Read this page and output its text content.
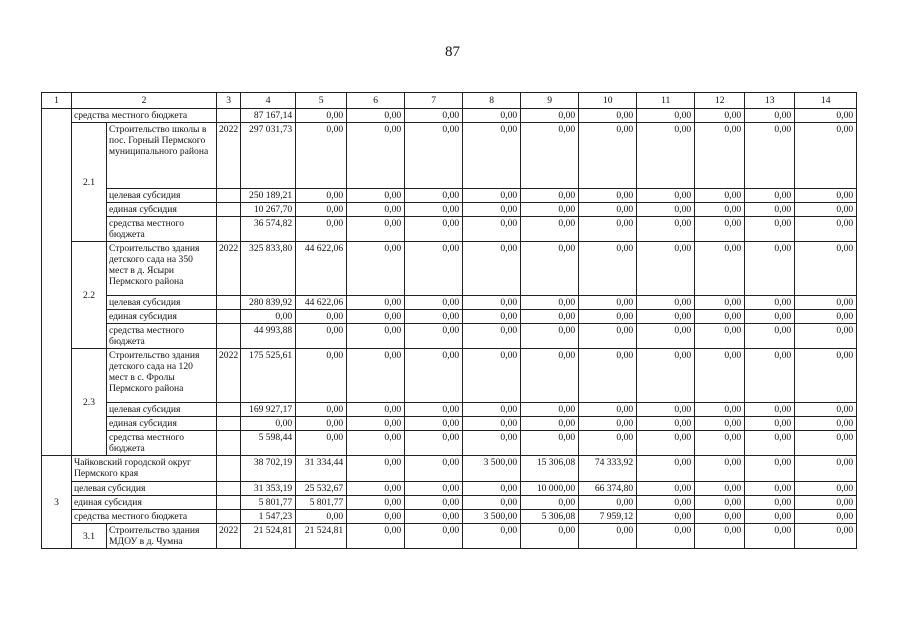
87
1	2		3	4	5	6	7	8	9	10	11	12	13	14
	средства местного бюджета			87 167,14	0,00	0,00	0,00	0,00	0,00	0,00	0,00	0,00	0,00	0,00
	2.1	Строительство школы в пос. Горный Пермского муниципального района	2022	297 031,73	0,00	0,00	0,00	0,00	0,00	0,00	0,00	0,00	0,00	0,00
		целевая субсидия		250 189,21	0,00	0,00	0,00	0,00	0,00	0,00	0,00	0,00	0,00	0,00
		единая субсидия		10 267,70	0,00	0,00	0,00	0,00	0,00	0,00	0,00	0,00	0,00	0,00
		средства местного бюджета		36 574,82	0,00	0,00	0,00	0,00	0,00	0,00	0,00	0,00	0,00	0,00
	2.2	Строительство здания детского сада на 350 мест в д. Ясыри Пермского района	2022	325 833,80	44 622,06	0,00	0,00	0,00	0,00	0,00	0,00	0,00	0,00	0,00
		целевая субсидия		280 839,92	44 622,06	0,00	0,00	0,00	0,00	0,00	0,00	0,00	0,00	0,00
		единая субсидия		0,00	0,00	0,00	0,00	0,00	0,00	0,00	0,00	0,00	0,00	0,00
		средства местного бюджета		44 993,88	0,00	0,00	0,00	0,00	0,00	0,00	0,00	0,00	0,00	0,00
	2.3	Строительство здания детского сада на 120 мест в с. Фролы Пермского района	2022	175 525,61	0,00	0,00	0,00	0,00	0,00	0,00	0,00	0,00	0,00	0,00
		целевая субсидия		169 927,17	0,00	0,00	0,00	0,00	0,00	0,00	0,00	0,00	0,00	0,00
		единая субсидия		0,00	0,00	0,00	0,00	0,00	0,00	0,00	0,00	0,00	0,00	0,00
		средства местного бюджета		5 598,44	0,00	0,00	0,00	0,00	0,00	0,00	0,00	0,00	0,00	0,00
3	Чайковский городской округ Пермского края			38 702,19	31 334,44	0,00	0,00	3 500,00	15 306,08	74 333,92	0,00	0,00	0,00	0,00
	целевая субсидия			31 353,19	25 532,67	0,00	0,00	0,00	10 000,00	66 374,80	0,00	0,00	0,00	0,00
	единая субсидия			5 801,77	5 801,77	0,00	0,00	0,00	0,00	0,00	0,00	0,00	0,00	0,00
	средства местного бюджета			1 547,23	0,00	0,00	0,00	3 500,00	5 306,08	7 959,12	0,00	0,00	0,00	0,00
	3.1	Строительство здания МДОУ в д. Чумна	2022	21 524,81	21 524,81	0,00	0,00	0,00	0,00	0,00	0,00	0,00	0,00	0,00
